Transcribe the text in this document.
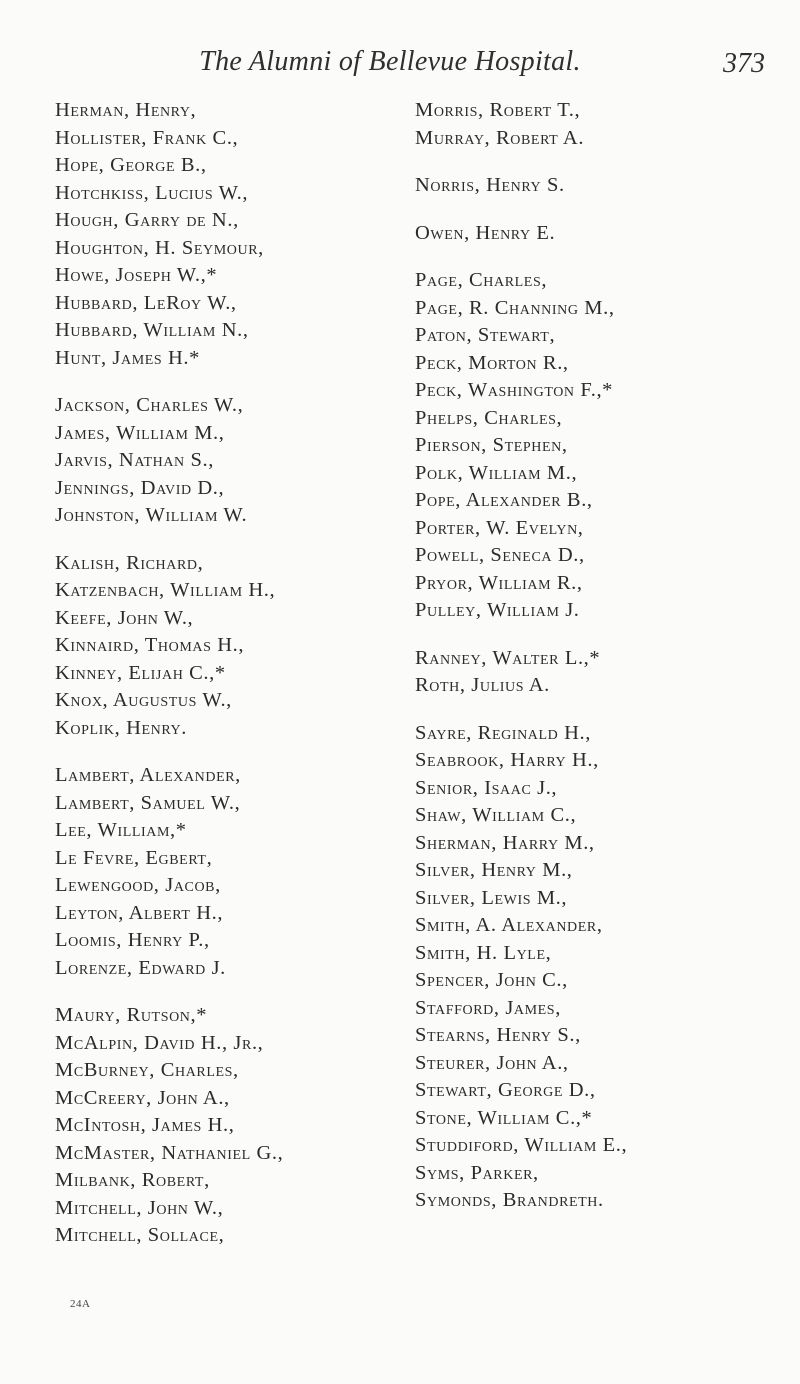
The Alumni of Bellevue Hospital.	373
Herman, Henry,
Hollister, Frank C.,
Hope, George B.,
Hotchkiss, Lucius W.,
Hough, Garry de N.,
Houghton, H. Seymour,
Howe, Joseph W.,*
Hubbard, LeRoy W.,
Hubbard, William N.,
Hunt, James H.*
Jackson, Charles W.,
James, William M.,
Jarvis, Nathan S.,
Jennings, David D.,
Johnston, William W.
Kalish, Richard,
Katzenbach, William H.,
Keefe, John W.,
Kinnaird, Thomas H.,
Kinney, Elijah C.,*
Knox, Augustus W.,
Koplik, Henry.
Lambert, Alexander,
Lambert, Samuel W.,
Lee, William,*
Le Fevre, Egbert,
Lewengood, Jacob,
Leyton, Albert H.,
Loomis, Henry P.,
Lorenze, Edward J.
Maury, Rutson,*
McAlpin, David H., Jr.,
McBurney, Charles,
McCreery, John A.,
McIntosh, James H.,
McMaster, Nathaniel G.,
Milbank, Robert,
Mitchell, John W.,
Mitchell, Sollace,
Morris, Robert T.,
Murray, Robert A.
Norris, Henry S.
Owen, Henry E.
Page, Charles,
Page, R. Channing M.,
Paton, Stewart,
Peck, Morton R.,
Peck, Washington F.,*
Phelps, Charles,
Pierson, Stephen,
Polk, William M.,
Pope, Alexander B.,
Porter, W. Evelyn,
Powell, Seneca D.,
Pryor, William R.,
Pulley, William J.
Ranney, Walter L.,*
Roth, Julius A.
Sayre, Reginald H.,
Seabrook, Harry H.,
Senior, Isaac J.,
Shaw, William C.,
Sherman, Harry M.,
Silver, Henry M.,
Silver, Lewis M.,
Smith, A. Alexander,
Smith, H. Lyle,
Spencer, John C.,
Stafford, James,
Stearns, Henry S.,
Steurer, John A.,
Stewart, George D.,
Stone, William C.,*
Studdiford, William E.,
Syms, Parker,
Symonds, Brandreth.
24A
